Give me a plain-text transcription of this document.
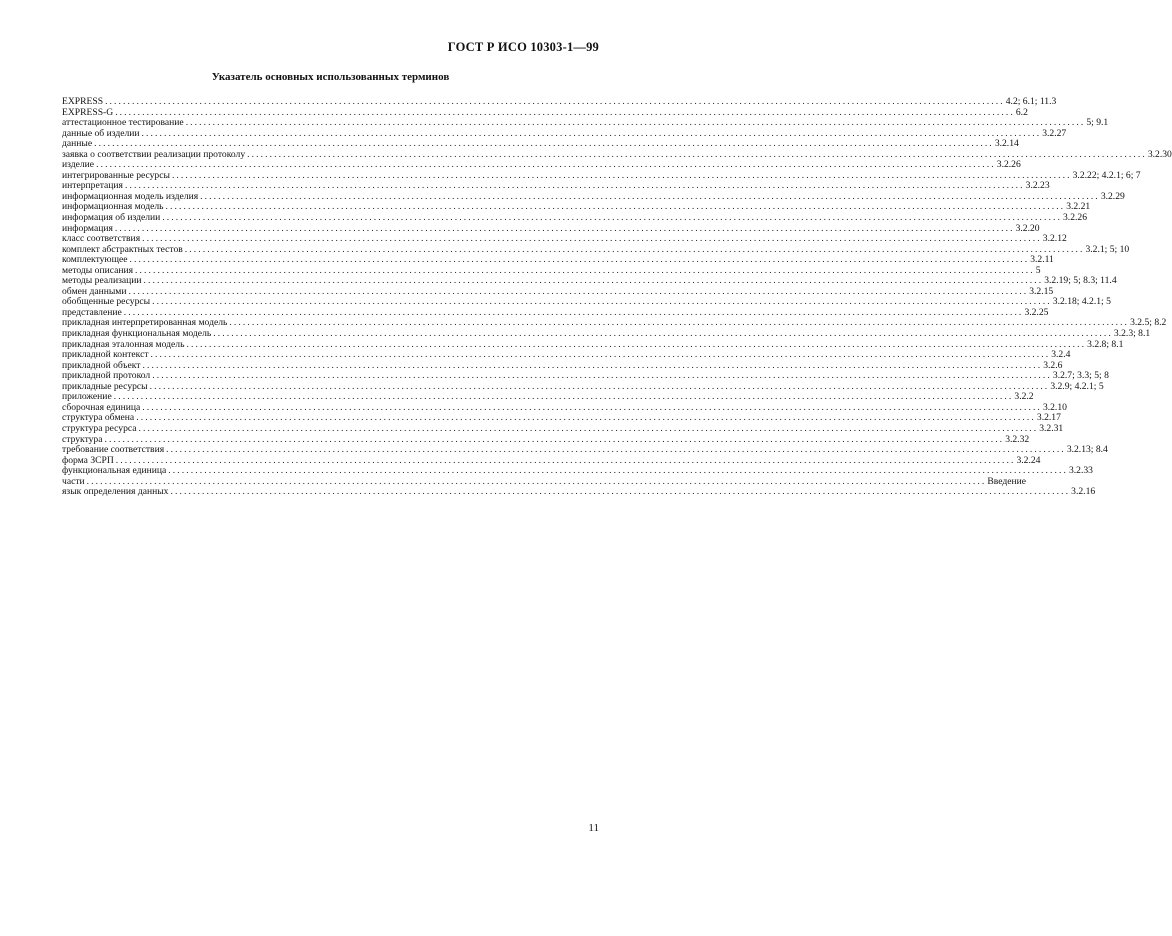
ГОСТ Р ИСО 10303-1—99
Указатель основных использованных терминов
EXPRESS ........................................................................................................................................................................................................ 4.2; 6.1; 11.3
EXPRESS-G ........................................................................................................................................................................................................ 6.2
аттестационное тестирование ........................................................................................................................................................................................................ 5; 9.1
данные об изделии ........................................................................................................................................................................................................ 3.2.27
данные ........................................................................................................................................................................................................ 3.2.14
заявка о соответствии реализации протоколу ........................................................................................................................................................................................................ 3.2.30
изделие ........................................................................................................................................................................................................ 3.2.26
интегрированные ресурсы ........................................................................................................................................................................................................ 3.2.22; 4.2.1; 6; 7
интерпретация ........................................................................................................................................................................................................ 3.2.23
информационная модель изделия ........................................................................................................................................................................................................ 3.2.29
информационная модель ........................................................................................................................................................................................................ 3.2.21
информация об изделии ........................................................................................................................................................................................................ 3.2.26
информация ........................................................................................................................................................................................................ 3.2.20
класс соответствия ........................................................................................................................................................................................................ 3.2.12
комплект абстрактных тестов ........................................................................................................................................................................................................ 3.2.1; 5; 10
комплектующее ........................................................................................................................................................................................................ 3.2.11
методы описания ........................................................................................................................................................................................................ 5
методы реализации ........................................................................................................................................................................................................ 3.2.19; 5; 8.3; 11.4
обмен данными ........................................................................................................................................................................................................ 3.2.15
обобщенные ресурсы ........................................................................................................................................................................................................ 3.2.18; 4.2.1; 5
представление ........................................................................................................................................................................................................ 3.2.25
прикладная интерпретированная модель ........................................................................................................................................................................................................ 3.2.5; 8.2
прикладная функциональная модель ........................................................................................................................................................................................................ 3.2.3; 8.1
прикладная эталонная модель ........................................................................................................................................................................................................ 3.2.8; 8.1
прикладной контекст ........................................................................................................................................................................................................ 3.2.4
прикладной объект ........................................................................................................................................................................................................ 3.2.6
прикладной протокол ........................................................................................................................................................................................................ 3.2.7; 3.3; 5; 8
прикладные ресурсы ........................................................................................................................................................................................................ 3.2.9; 4.2.1; 5
приложение ........................................................................................................................................................................................................ 3.2.2
сборочная единица ........................................................................................................................................................................................................ 3.2.10
структура обмена ........................................................................................................................................................................................................ 3.2.17
структура ресурса ........................................................................................................................................................................................................ 3.2.31
структура ........................................................................................................................................................................................................ 3.2.32
требование соответствия ........................................................................................................................................................................................................ 3.2.13; 8.4
форма ЗСРП ........................................................................................................................................................................................................ 3.2.24
функциональная единица ........................................................................................................................................................................................................ 3.2.33
части ........................................................................................................................................................................................................ Введение
язык определения данных ........................................................................................................................................................................................................ 3.2.16
11
